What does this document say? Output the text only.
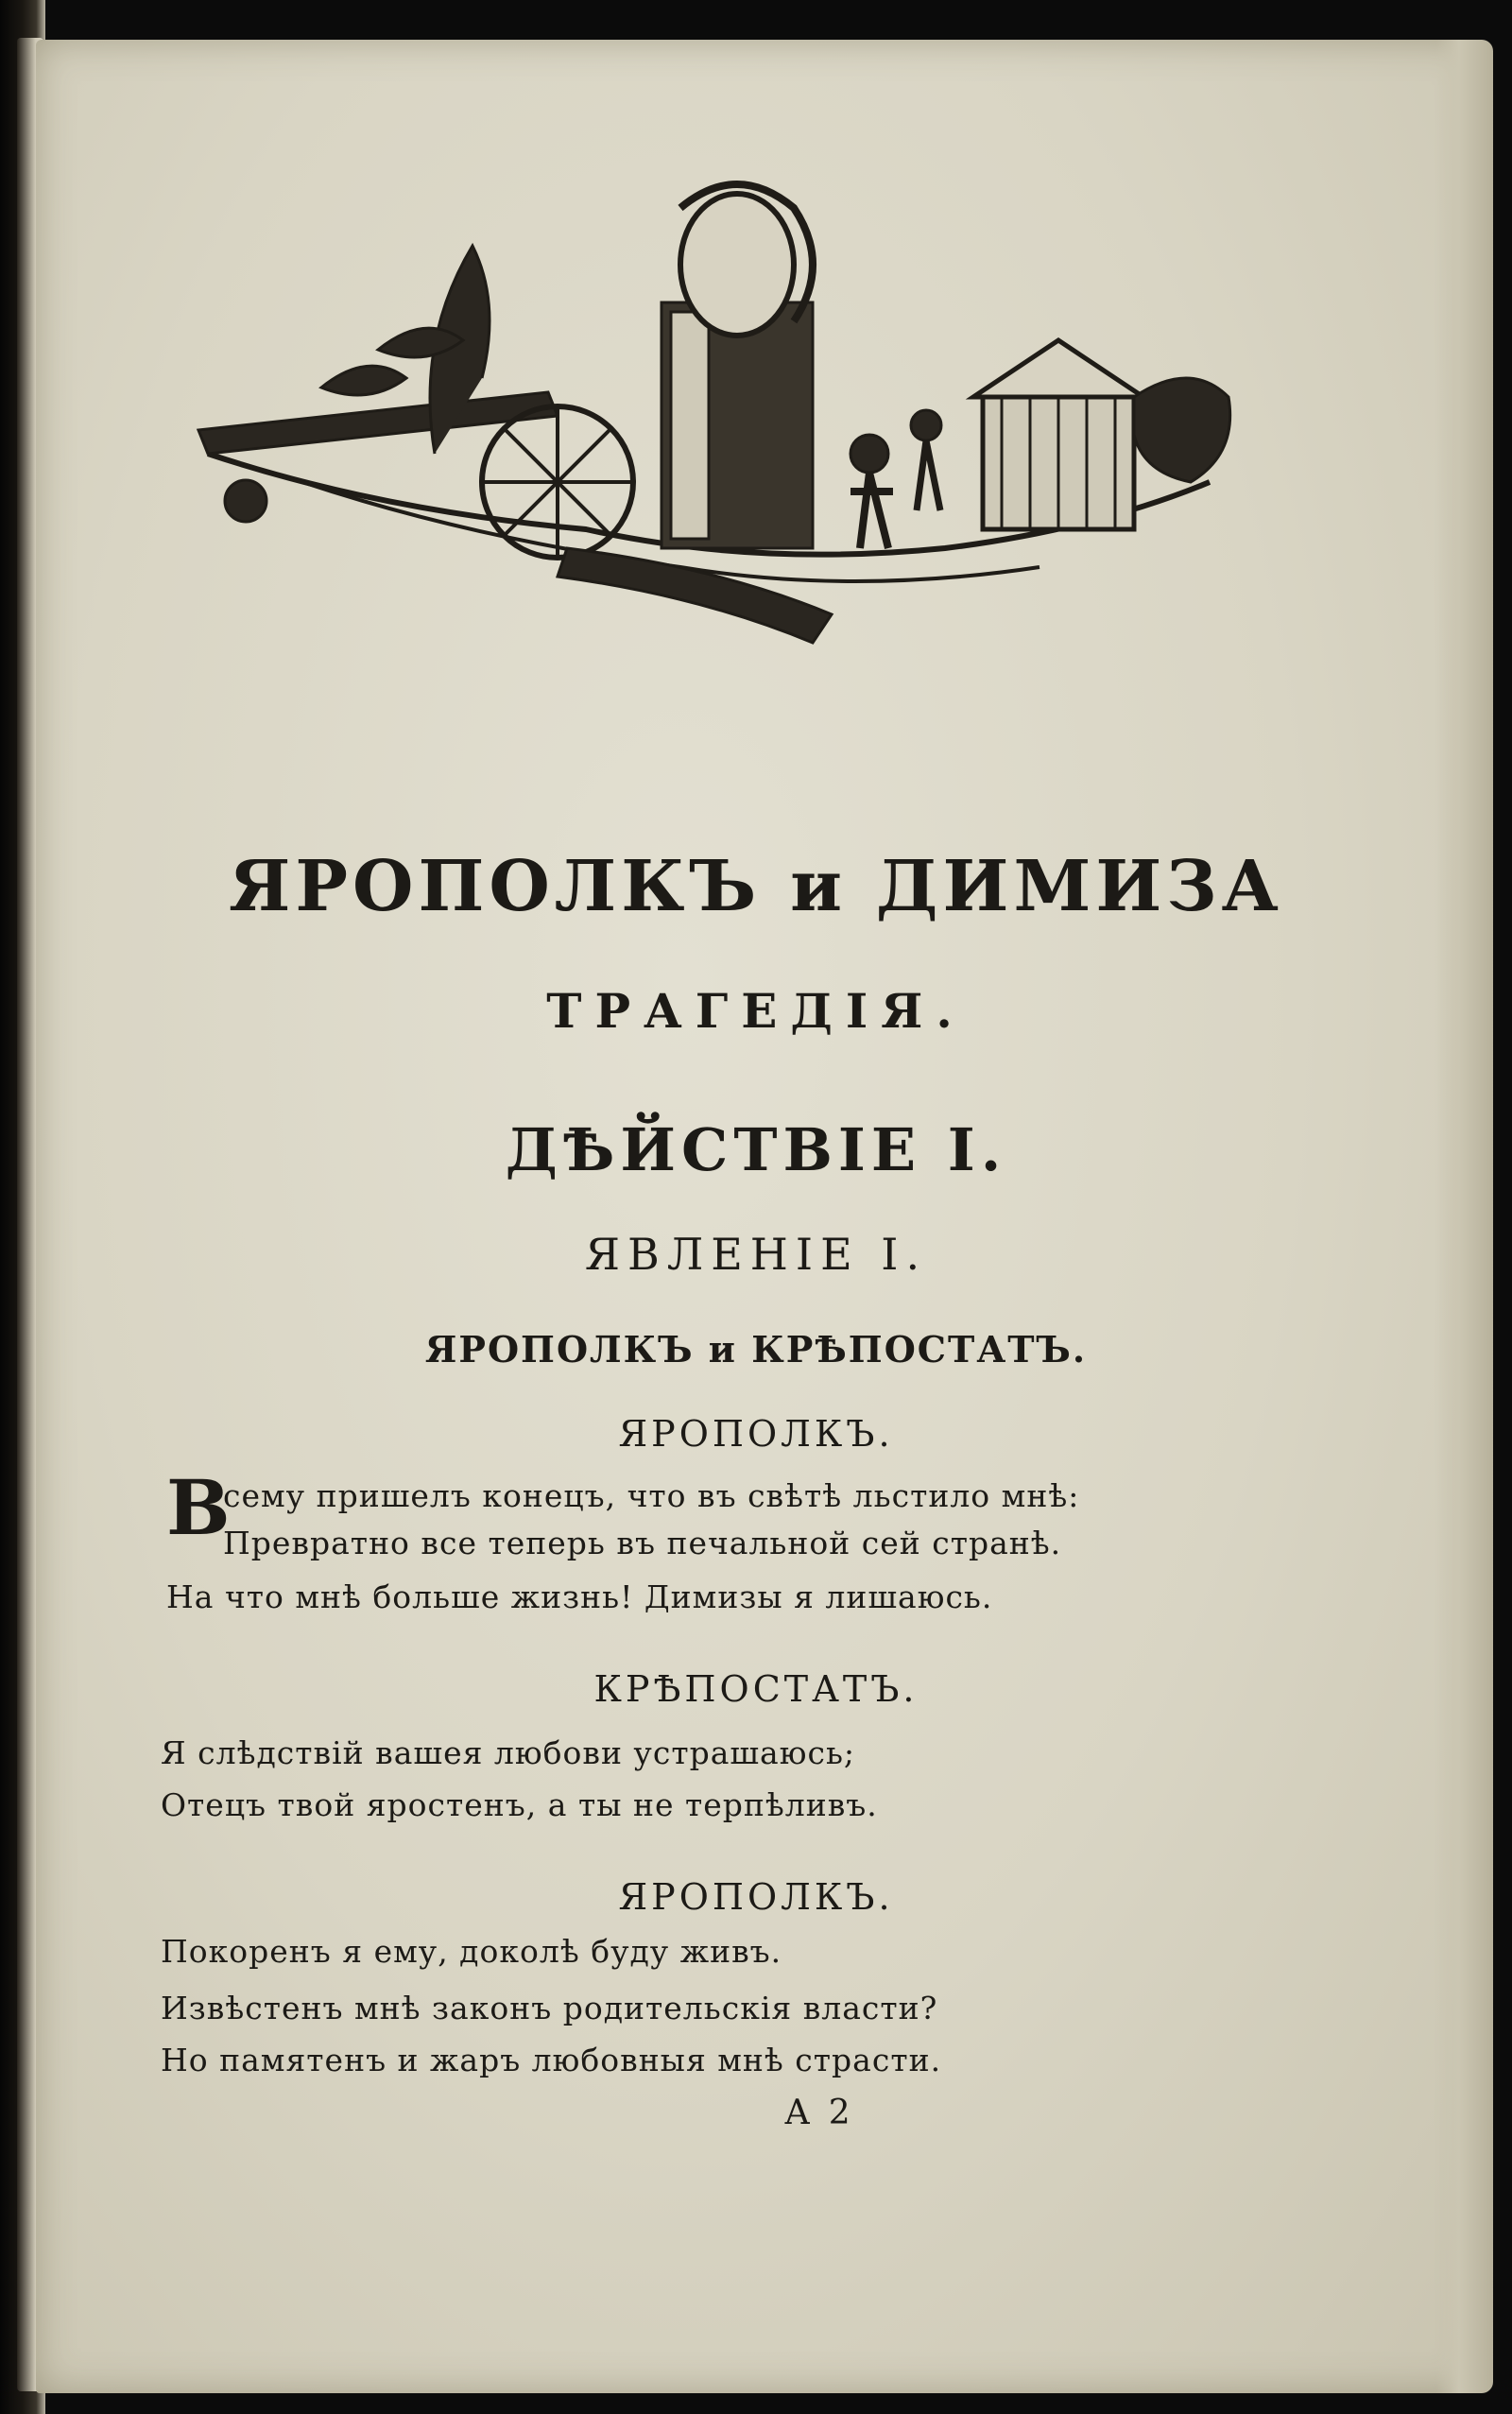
ЯРОПОЛКЪ и ДИМИЗА
ТРАГЕДІЯ.
ДѢЙСТВІЕ I.
ЯВЛЕНІЕ I.
ЯРОПОЛКЪ и КРѢПОСТАТЪ.
ЯРОПОЛКЪ.
В
сему пришелъ конецъ, что въ свѣтѣ льстило мнѣ:
Превратно все теперь въ печальной сей странѣ.
На что мнѣ больше жизнь! Димизы я лишаюсь.
КРѢПОСТАТЪ.
Я слѣдствій вашея любови устрашаюсь;
Отецъ твой яростенъ, а ты не терпѣливъ.
ЯРОПОЛКЪ.
Покоренъ я ему, доколѣ буду живъ.
Извѣстенъ мнѣ законъ родительскія власти?
Но памятенъ и жаръ любовныя мнѣ страсти.
А 2
